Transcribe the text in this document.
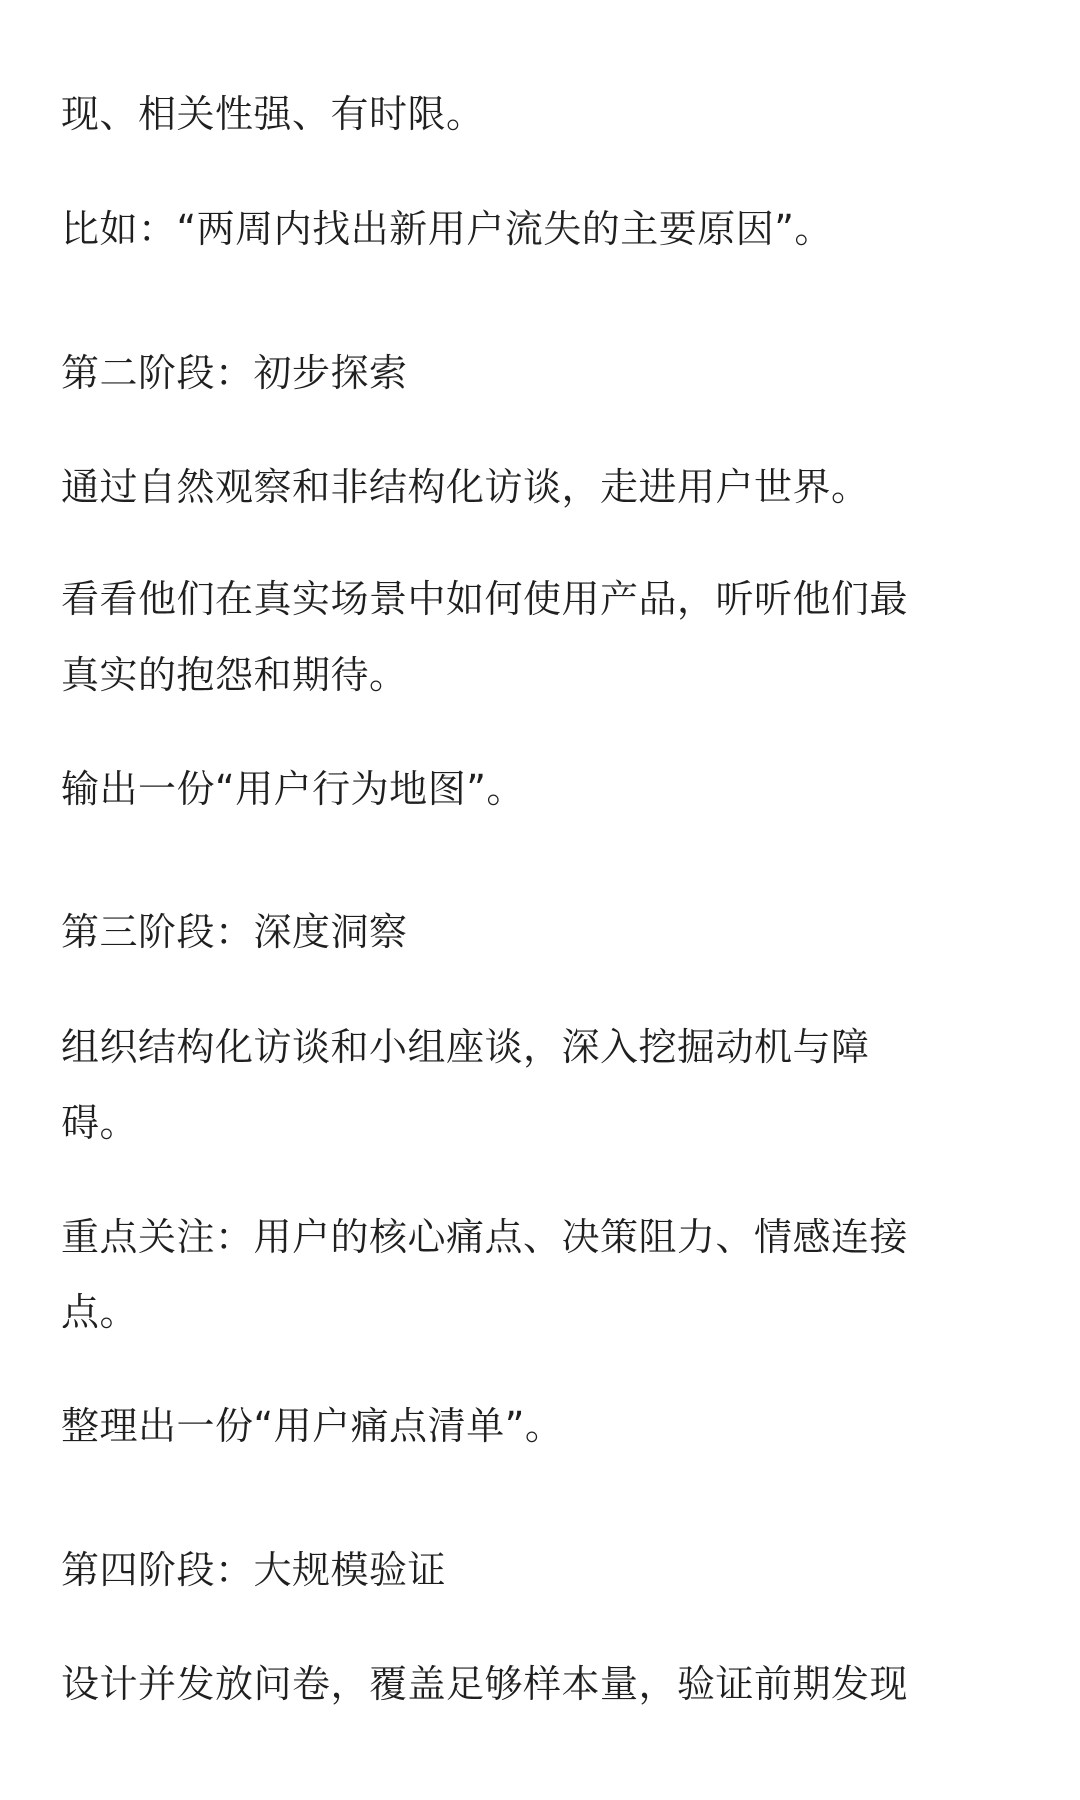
现、相关性强、有时限。
比如：“两周内找出新用户流失的主要原因”。
第二阶段：初步探索
通过自然观察和非结构化访谈，走进用户世界。
看看他们在真实场景中如何使用产品，听听他们最
真实的抱怨和期待。
输出一份“用户行为地图”。
第三阶段：深度洞察
组织结构化访谈和小组座谈，深入挖掘动机与障
碍。
重点关注：用户的核心痛点、决策阻力、情感连接
点。
整理出一份“用户痛点清单”。
第四阶段：大规模验证
设计并发放问卷，覆盖足够样本量，验证前期发现
